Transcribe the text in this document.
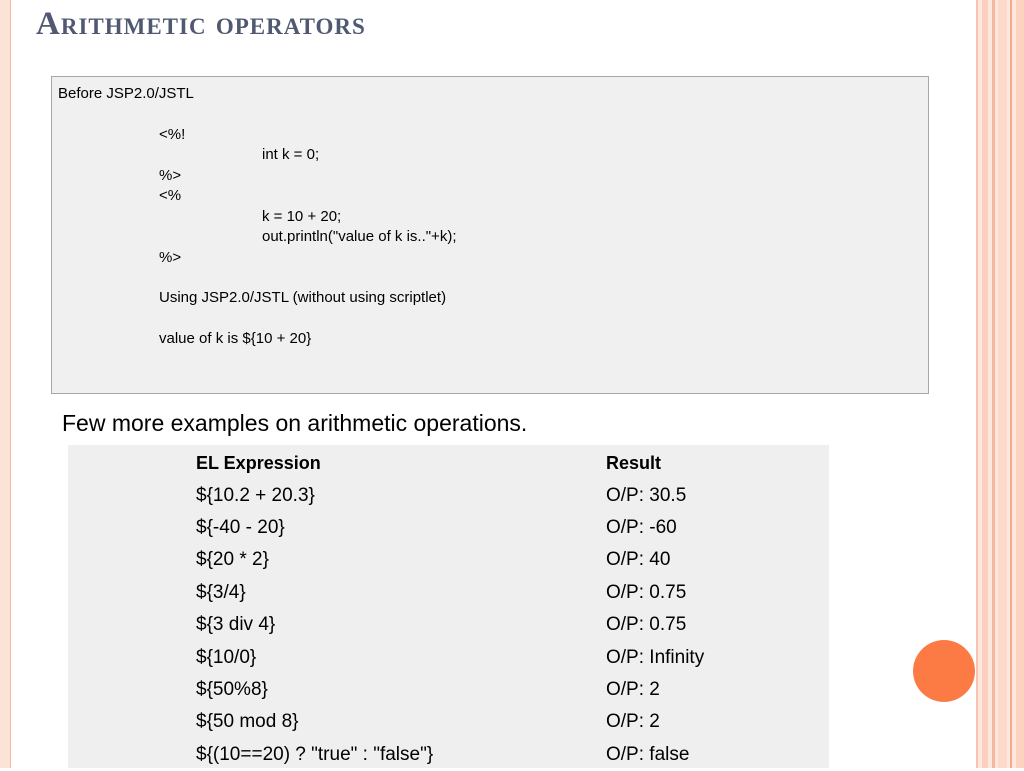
Arithmetic operators
Before JSP2.0/JSTL
<%!
int k = 0;
%>
<%
k = 10 + 20;
out.println("value of k is.."+k);
%>
Using JSP2.0/JSTL (without using scriptlet)
value of k is ${10 + 20}

Few more examples on arithmetic operations.

EL Expression	Result
${10.2 + 20.3}	O/P: 30.5
${-40 - 20}	O/P: -60
${20 * 2}	O/P: 40
${3/4}	O/P: 0.75
${3 div 4}	O/P: 0.75
${10/0}	O/P: Infinity
${50%8}	O/P: 2
${50 mod 8}	O/P: 2
${(10==20) ? "true" : "false"}	O/P: false
